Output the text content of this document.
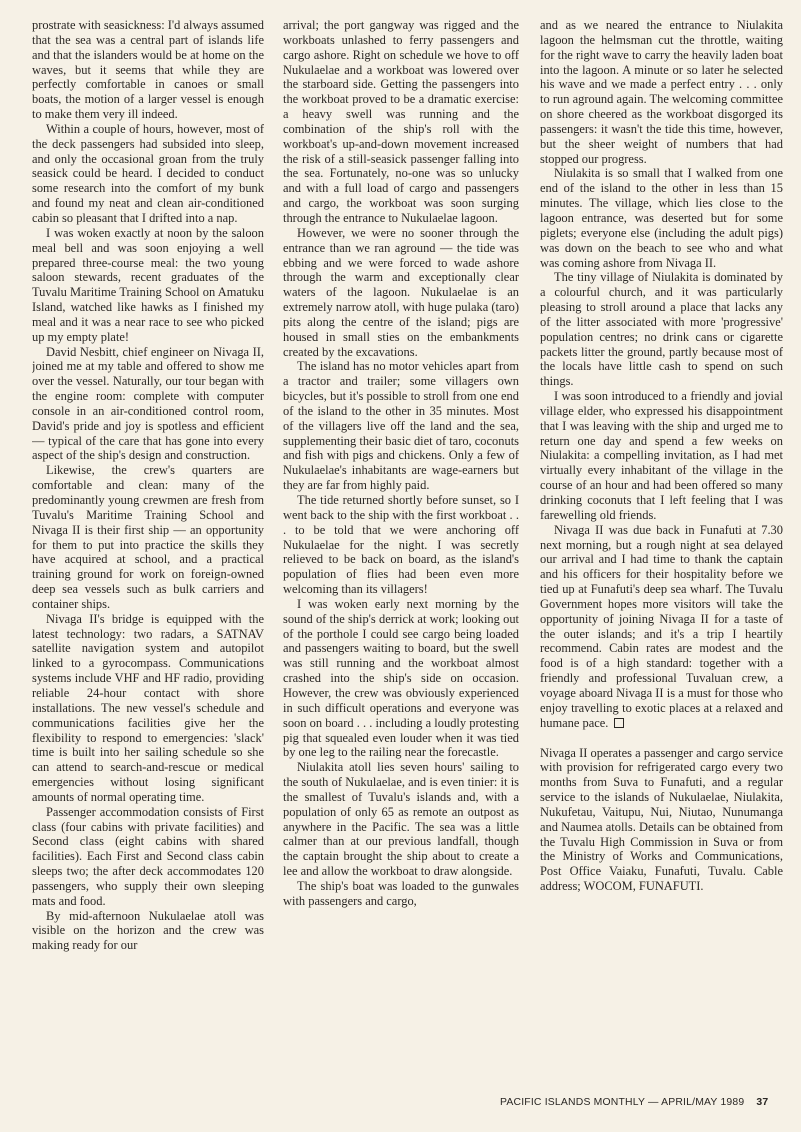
prostrate with seasickness: I'd always assumed that the sea was a central part of islands life and that the islanders would be at home on the waves, but it seems that while they are perfectly comfortable in canoes or small boats, the motion of a larger vessel is enough to make them very ill indeed.

Within a couple of hours, however, most of the deck passengers had subsided into sleep, and only the occasional groan from the truly seasick could be heard. I decided to conduct some research into the comfort of my bunk and found my neat and clean air-conditioned cabin so pleasant that I drifted into a nap.

I was woken exactly at noon by the saloon meal bell and was soon enjoying a well prepared three-course meal: the two young saloon stewards, recent graduates of the Tuvalu Maritime Training School on Amatuku Island, watched like hawks as I finished my meal and it was a near race to see who picked up my empty plate!

David Nesbitt, chief engineer on Nivaga II, joined me at my table and offered to show me over the vessel. Naturally, our tour began with the engine room: complete with computer console in an air-conditioned control room, David's pride and joy is spotless and efficient — typical of the care that has gone into every aspect of the ship's design and construction.

Likewise, the crew's quarters are comfortable and clean: many of the predominantly young crewmen are fresh from Tuvalu's Maritime Training School and Nivaga II is their first ship — an opportunity for them to put into practice the skills they have acquired at school, and a practical training ground for work on foreign-owned deep sea vessels such as bulk carriers and container ships.

Nivaga II's bridge is equipped with the latest technology: two radars, a SATNAV satellite navigation system and autopilot linked to a gyrocompass. Communications systems include VHF and HF radio, providing reliable 24-hour contact with shore installations. The new vessel's schedule and communications facilities give her the flexibility to respond to emergencies: 'slack' time is built into her sailing schedule so she can attend to search-and-rescue or medical emergencies without losing significant amounts of normal operating time.

Passenger accommodation consists of First class (four cabins with private facilities) and Second class (eight cabins with shared facilities). Each First and Second class cabin sleeps two; the after deck accommodates 120 passengers, who supply their own sleeping mats and food.

By mid-afternoon Nukulaelae atoll was visible on the horizon and the crew was making ready for our

arrival; the port gangway was rigged and the workboats unlashed to ferry passengers and cargo ashore. Right on schedule we hove to off Nukulaelae and a workboat was lowered over the starboard side. Getting the passengers into the workboat proved to be a dramatic exercise: a heavy swell was running and the combination of the ship's roll with the workboat's up-and-down movement increased the risk of a still-seasick passenger falling into the sea. Fortunately, no-one was so unlucky and with a full load of cargo and passengers and cargo, the workboat was soon surging through the entrance to Nukulaelae lagoon.

However, we were no sooner through the entrance than we ran aground — the tide was ebbing and we were forced to wade ashore through the warm and exceptionally clear waters of the lagoon. Nukulaelae is an extremely narrow atoll, with huge pulaka (taro) pits along the centre of the island; pigs are housed in small sties on the embankments created by the excavations.

The island has no motor vehicles apart from a tractor and trailer; some villagers own bicycles, but it's possible to stroll from one end of the island to the other in 35 minutes. Most of the villagers live off the land and the sea, supplementing their basic diet of taro, coconuts and fish with pigs and chickens. Only a few of Nukulaelae's inhabitants are wage-earners but they are far from highly paid.

The tide returned shortly before sunset, so I went back to the ship with the first workboat . . . to be told that we were anchoring off Nukulaelae for the night. I was secretly relieved to be back on board, as the island's population of flies had been even more welcoming than its villagers!

I was woken early next morning by the sound of the ship's derrick at work; looking out of the porthole I could see cargo being loaded and passengers waiting to board, but the swell was still running and the workboat almost crashed into the ship's side on occasion. However, the crew was obviously experienced in such difficult operations and everyone was soon on board . . . including a loudly protesting pig that squealed even louder when it was tied by one leg to the railing near the forecastle.

Niulakita atoll lies seven hours' sailing to the south of Nukulaelae, and is even tinier: it is the smallest of Tuvalu's islands and, with a population of only 65 as remote an outpost as anywhere in the Pacific. The sea was a little calmer than at our previous landfall, though the captain brought the ship about to create a lee and allow the workboat to draw alongside.

The ship's boat was loaded to the gunwales with passengers and cargo,

and as we neared the entrance to Niulakita lagoon the helmsman cut the throttle, waiting for the right wave to carry the heavily laden boat into the lagoon. A minute or so later he selected his wave and we made a perfect entry . . . only to run aground again. The welcoming committee on shore cheered as the workboat disgorged its passengers: it wasn't the tide this time, however, but the sheer weight of numbers that had stopped our progress.

Niulakita is so small that I walked from one end of the island to the other in less than 15 minutes. The village, which lies close to the lagoon entrance, was deserted but for some piglets; everyone else (including the adult pigs) was down on the beach to see who and what was coming ashore from Nivaga II.

The tiny village of Niulakita is dominated by a colourful church, and it was particularly pleasing to stroll around a place that lacks any of the litter associated with more 'progressive' population centres; no drink cans or cigarette packets litter the ground, partly because most of the locals have little cash to spend on such things.

I was soon introduced to a friendly and jovial village elder, who expressed his disappointment that I was leaving with the ship and urged me to return one day and spend a few weeks on Niulakita: a compelling invitation, as I had met virtually every inhabitant of the village in the course of an hour and had been offered so many drinking coconuts that I left feeling that I was farewelling old friends.

Nivaga II was due back in Funafuti at 7.30 next morning, but a rough night at sea delayed our arrival and I had time to thank the captain and his officers for their hospitality before we tied up at Funafuti's deep sea wharf. The Tuvalu Government hopes more visitors will take the opportunity of joining Nivaga II for a taste of the outer islands; and it's a trip I heartily recommend. Cabin rates are modest and the food is of a high standard: together with a friendly and professional Tuvaluan crew, a voyage aboard Nivaga II is a must for those who enjoy travelling to exotic places at a relaxed and humane pace.

Nivaga II operates a passenger and cargo service with provision for refrigerated cargo every two months from Suva to Funafuti, and a regular service to the islands of Nukulaelae, Niulakita, Nukufetau, Vaitupu, Nui, Niutao, Nunumanga and Naumea atolls. Details can be obtained from the Tuvalu High Commission in Suva or from the Ministry of Works and Communications, Post Office Vaiaku, Funafuti, Tuvalu. Cable address; WOCOM, FUNAFUTI.

PACIFIC ISLANDS MONTHLY — APRIL/MAY 1989 37
